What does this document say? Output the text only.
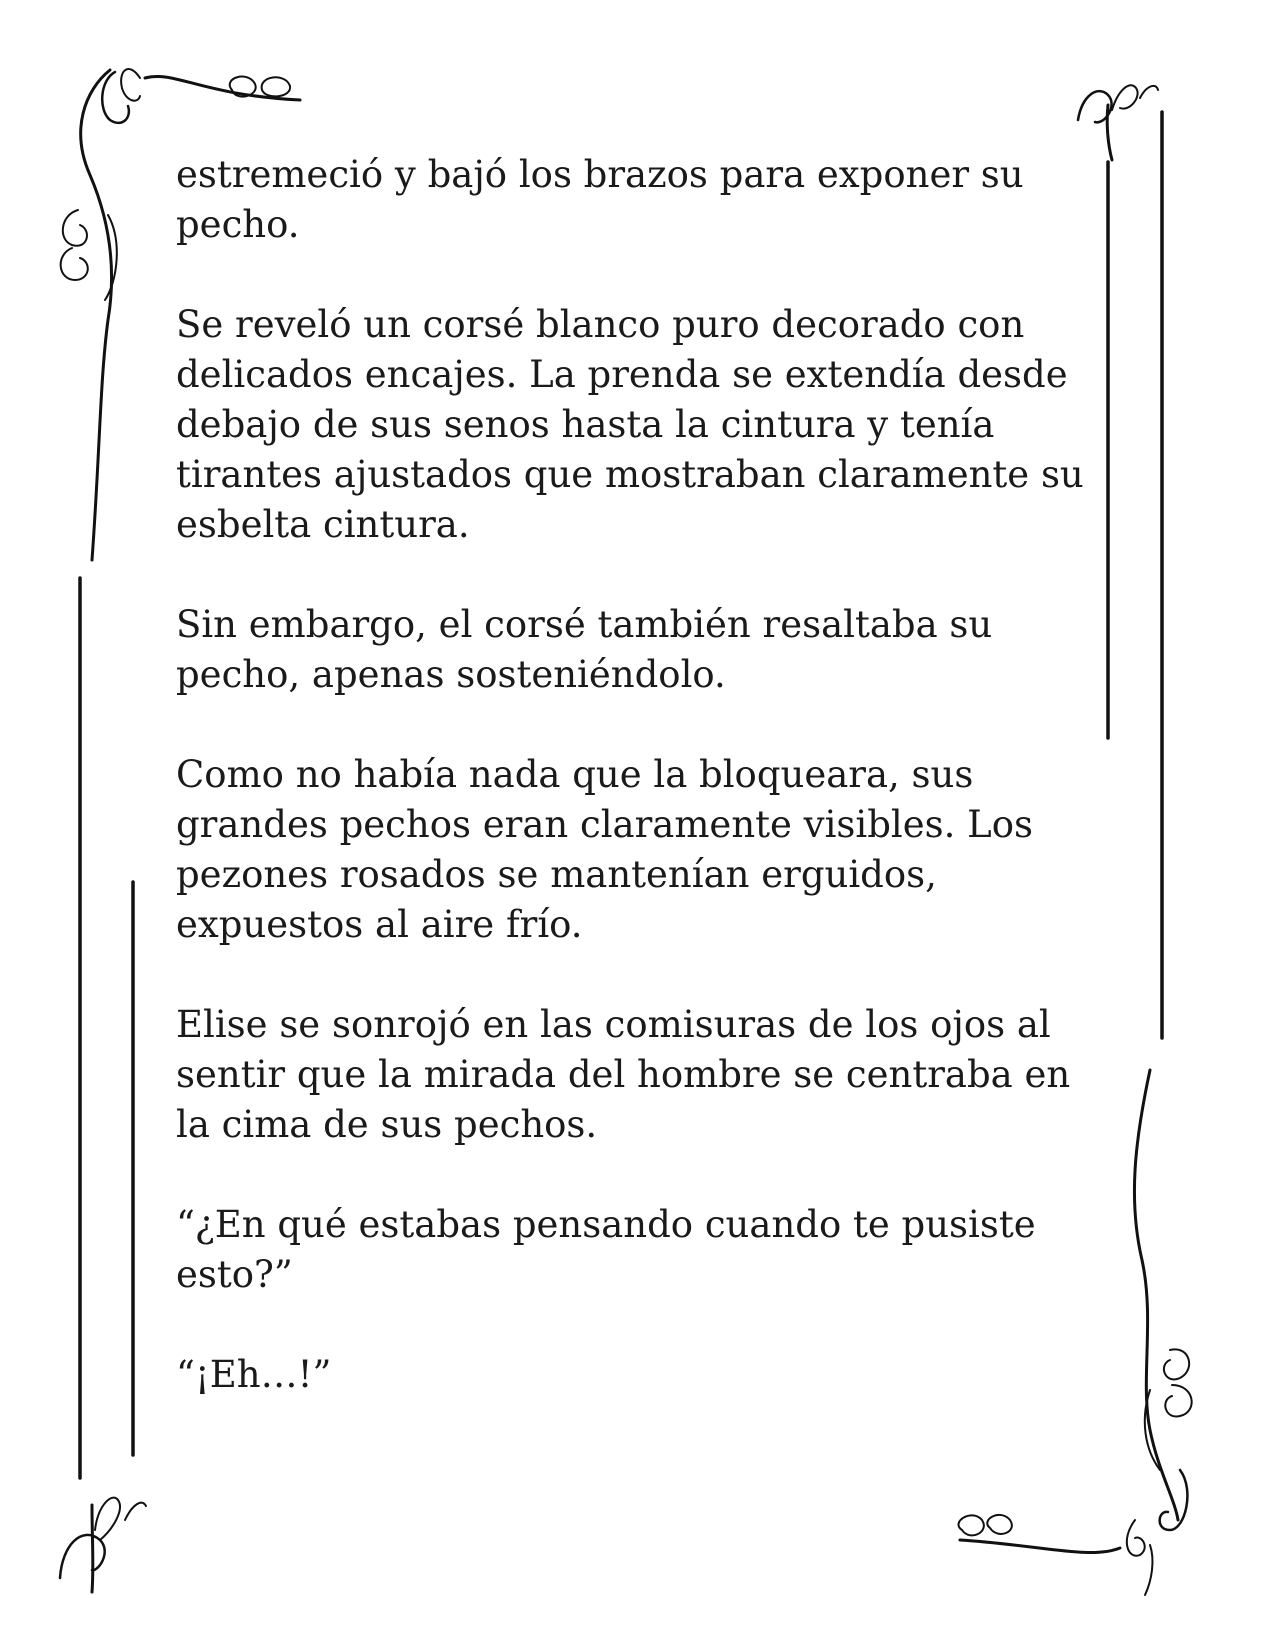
estremeció y bajó los brazos para exponer su pecho.

Se reveló un corsé blanco puro decorado con delicados encajes. La prenda se extendía desde debajo de sus senos hasta la cintura y tenía tirantes ajustados que mostraban claramente su esbelta cintura.

Sin embargo, el corsé también resaltaba su pecho, apenas sosteniéndolo.

Como no había nada que la bloqueara, sus grandes pechos eran claramente visibles. Los pezones rosados se mantenían erguidos, expuestos al aire frío.

Elise se sonrojó en las comisuras de los ojos al sentir que la mirada del hombre se centraba en la cima de sus pechos.

“¿En qué estabas pensando cuando te pusiste esto?”

“¡Eh…!”
